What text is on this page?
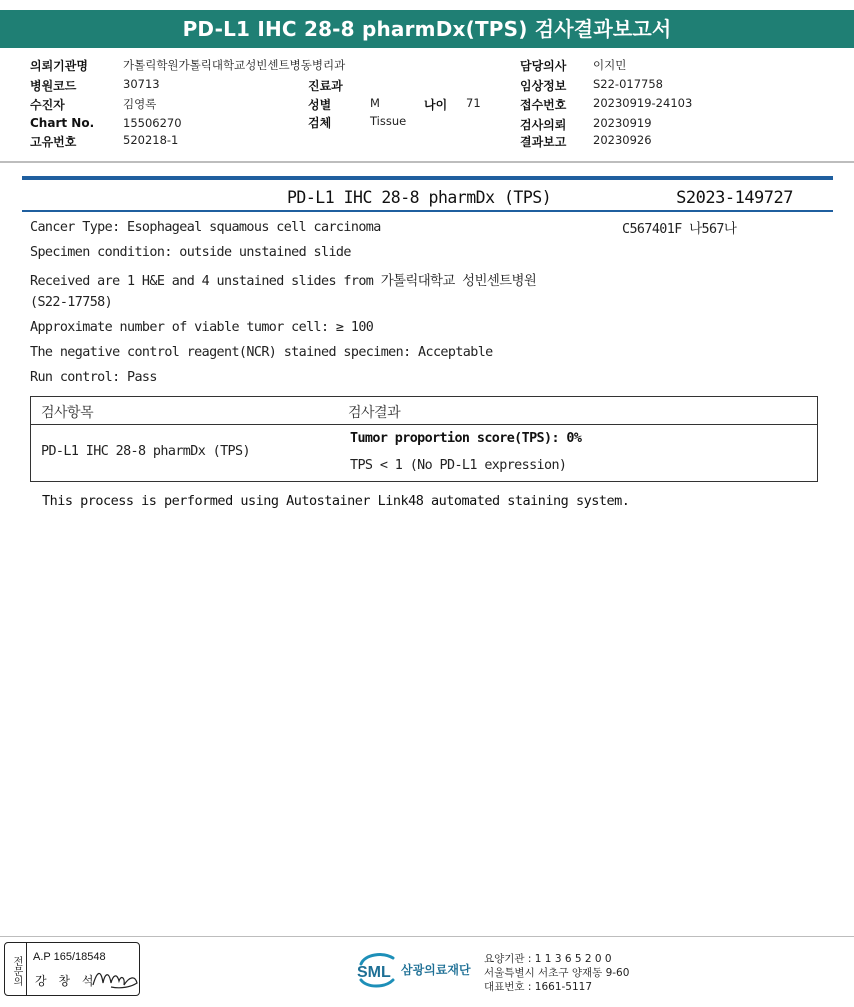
PD-L1 IHC 28-8 pharmDx(TPS) 검사결과보고서
의뢰기관명	가톨릭학원가톨릭대학교성빈센트병동병리과
병원코드	30713
수진자	김영록
Chart No.	15506270
고유번호	520218-1
진료과
성별	M	나이 71
검체	Tissue
담당의사 이지민
임상정보 S22-017758
접수번호 20230919-24103
검사의뢰 20230919
결과보고 20230926
PD-L1 IHC 28-8 pharmDx (TPS)	S2023-149727
C567401F 나567나
Cancer Type: Esophageal squamous cell carcinoma
Specimen condition: outside unstained slide
Received are 1 H&E and 4 unstained slides from 가톨릭대학교 성빈센트병원
(S22-17758)
Approximate number of viable tumor cell: ≥ 100
The negative control reagent(NCR) stained specimen: Acceptable
Run control: Pass
검사항목	검사결과
PD-L1 IHC 28-8 pharmDx (TPS)
Tumor proportion score(TPS): 0%
TPS < 1 (No PD-L1 expression)
This process is performed using Autostainer Link48 automated staining system.
전문의	A.P 165/18548
강 창 석	SML 삼광의료재단
요양기관 : 1 1 3 6 5 2 0 0
서울특별시 서초구 양재동 9-60
대표번호 : 1661-5117
